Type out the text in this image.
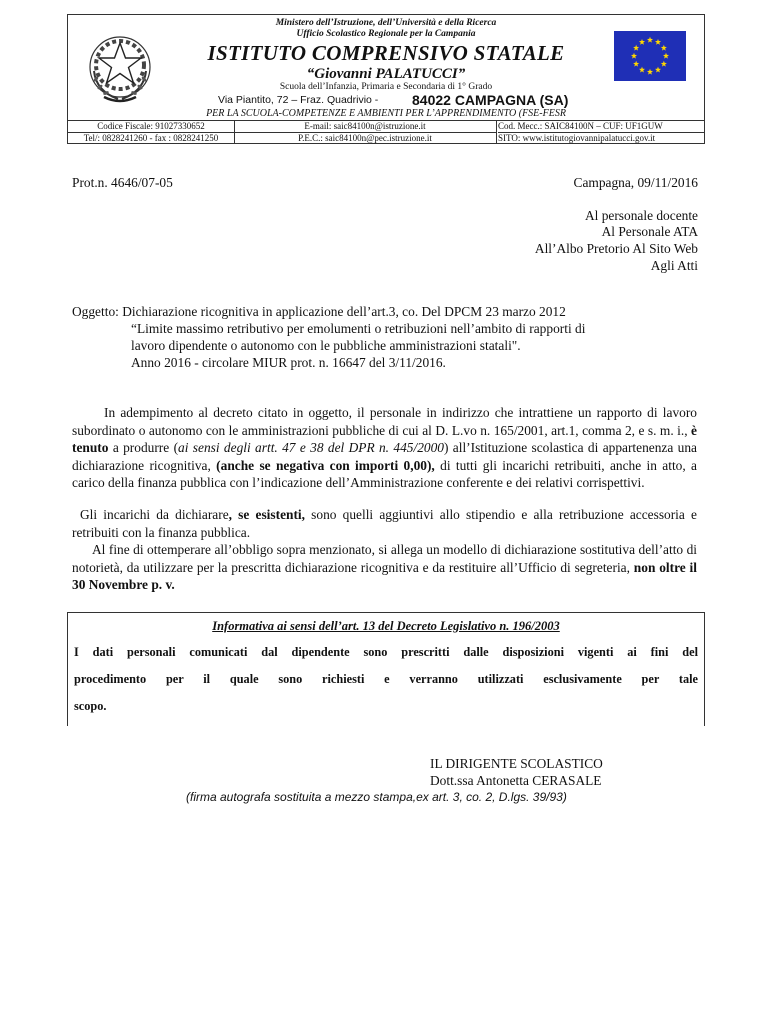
Ministero dell’Istruzione, dell’Università e della Ricerca
Ufficio Scolastico Regionale per la Campania
ISTITUTO COMPRENSIVO STATALE
“Giovanni PALATUCCI”
Scuola dell’Infanzia, Primaria e Secondaria di 1° Grado
Via Piantito, 72 – Fraz. Quadrivio - 84022 CAMPAGNA (SA)
PER LA SCUOLA-COMPETENZE E AMBIENTI PER L’APPRENDIMENTO (FSE-FESR
Codice Fiscale: 91027330652
Tel/: 0828241260 - fax : 0828241250
E-mail: saic84100n@istruzione.it
P.E.C.: saic84100n@pec.istruzione.it
Cod. Mecc.: SAIC84100N – CUF: UF1GUW
SITO: www.istitutogiovannipalatucci.gov.it
Prot.n. 4646/07-05	Campagna, 09/11/2016
Al personale docente
Al Personale ATA
All’Albo Pretorio Al Sito Web
Agli Atti
Oggetto: Dichiarazione ricognitiva in applicazione dell’art.3, co. Del DPCM 23 marzo 2012
“Limite massimo retributivo per emolumenti o retribuzioni nell’ambito di rapporti di
lavoro dipendente o autonomo con le pubbliche amministrazioni statali".
Anno 2016 - circolare MIUR prot. n. 16647 del 3/11/2016.
In adempimento al decreto citato in oggetto, il personale in indirizzo che intrattiene un rapporto di lavoro subordinato o autonomo con le amministrazioni pubbliche di cui al D. L.vo n. 165/2001, art.1, comma 2, e s. m. i., è tenuto a produrre (ai sensi degli artt. 47 e 38 del DPR n. 445/2000) all’Istituzione scolastica di appartenenza una dichiarazione ricognitiva, (anche se negativa con importi 0,00), di tutti gli incarichi retribuiti, anche in atto, a carico della finanza pubblica con l’indicazione dell’Amministrazione conferente e dei relativi corrispettivi.
Gli incarichi da dichiarare, se esistenti, sono quelli aggiuntivi allo stipendio e alla retribuzione accessoria e retribuiti con la finanza pubblica.
Al fine di ottemperare all’obbligo sopra menzionato, si allega un modello di dichiarazione sostitutiva dell’atto di notorietà, da utilizzare per la prescritta dichiarazione ricognitiva e da restituire all’Ufficio di segreteria, non oltre il 30 Novembre p. v.
Informativa ai sensi dell’art. 13 del Decreto Legislativo n. 196/2003
I dati personali comunicati dal dipendente sono prescritti dalle disposizioni vigenti ai fini del
procedimento per il quale sono richiesti e verranno utilizzati esclusivamente per tale
scopo.
IL DIRIGENTE SCOLASTICO
Dott.ssa Antonetta CERASALE
(firma autografa sostituita a mezzo stampa,ex art. 3, co. 2, D.lgs. 39/93)
